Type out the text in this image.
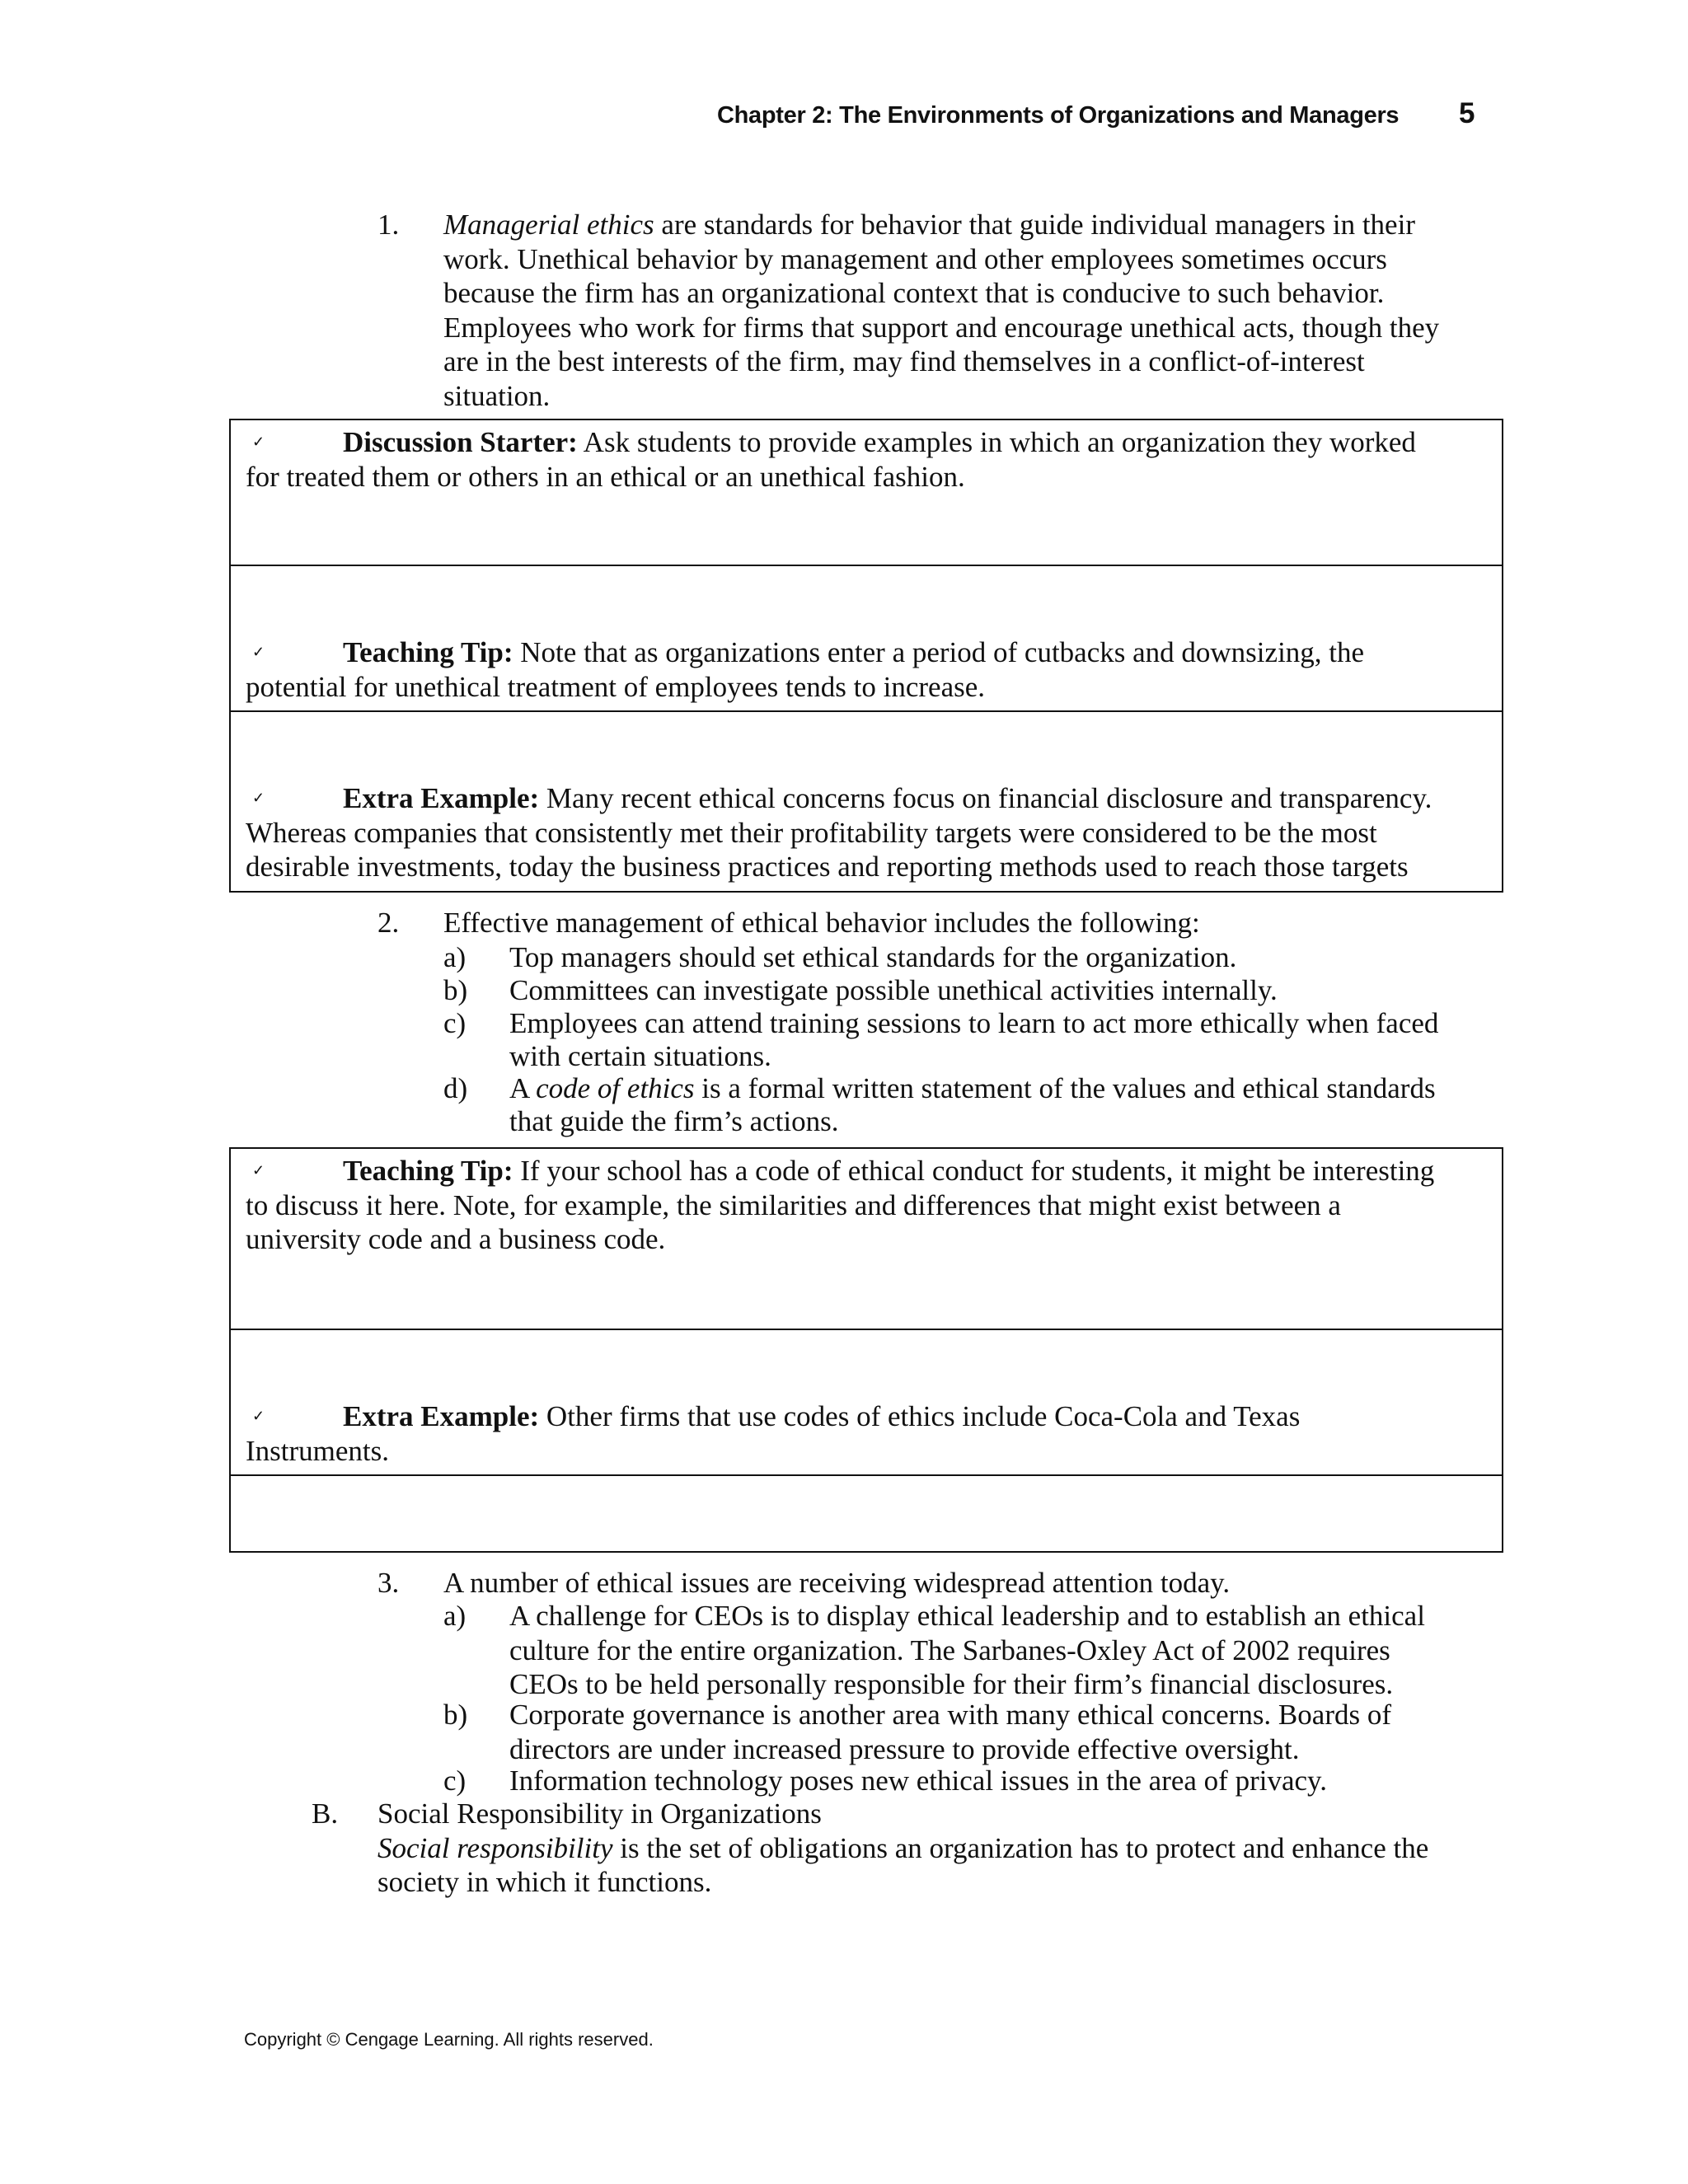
Chapter 2: The Environments of Organizations and Managers 5
1. Managerial ethics are standards for behavior that guide individual managers in their
work. Unethical behavior by management and other employees sometimes occurs
because the firm has an organizational context that is conducive to such behavior.
Employees who work for firms that support and encourage unethical acts, though they
are in the best interests of the firm, may find themselves in a conflict-of-interest
situation.
✓	Discussion Starter: Ask students to provide examples in which an organization they worked
for treated them or others in an ethical or an unethical fashion.
✓	Teaching Tip: Note that as organizations enter a period of cutbacks and downsizing, the
potential for unethical treatment of employees tends to increase.
✓	Extra Example: Many recent ethical concerns focus on financial disclosure and transparency.
Whereas companies that consistently met their profitability targets were considered to be the most
desirable investments, today the business practices and reporting methods used to reach those targets
2. Effective management of ethical behavior includes the following:
a) Top managers should set ethical standards for the organization.
b) Committees can investigate possible unethical activities internally.
c) Employees can attend training sessions to learn to act more ethically when faced
with certain situations.
d) A code of ethics is a formal written statement of the values and ethical standards
that guide the firm’s actions.
✓	Teaching Tip: If your school has a code of ethical conduct for students, it might be interesting
to discuss it here. Note, for example, the similarities and differences that might exist between a
university code and a business code.
✓	Extra Example: Other firms that use codes of ethics include Coca-Cola and Texas
Instruments.
3. A number of ethical issues are receiving widespread attention today.
a) A challenge for CEOs is to display ethical leadership and to establish an ethical
culture for the entire organization. The Sarbanes-Oxley Act of 2002 requires
CEOs to be held personally responsible for their firm’s financial disclosures.
b) Corporate governance is another area with many ethical concerns. Boards of
directors are under increased pressure to provide effective oversight.
c) Information technology poses new ethical issues in the area of privacy.
B. Social Responsibility in Organizations
Social responsibility is the set of obligations an organization has to protect and enhance the
society in which it functions.
Copyright © Cengage Learning. All rights reserved.
